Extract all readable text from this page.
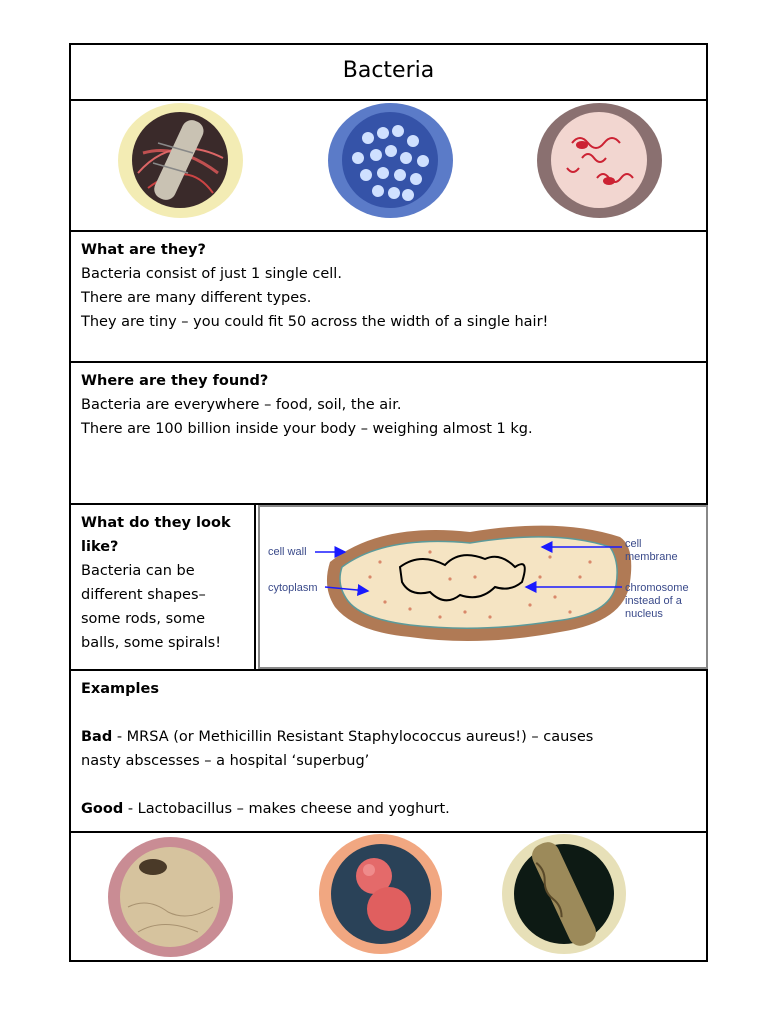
Bacteria

What are they?

Bacteria consist of just 1 single cell.

There are many different types.

They are tiny – you could fit 50 across the width of a single hair!

Where are they found?

Bacteria are everywhere – food, soil, the air.

There are 100 billion inside your body – weighing almost 1 kg.

What do they look

like?

Bacteria can be

different shapes–

some rods, some

balls, some spirals!

cell wall
cytoplasm
cell
membrane
chromosome
instead of a
nucleus

Examples

Bad - MRSA (or Methicillin Resistant Staphylococcus aureus!) – causes

nasty abscesses – a hospital ‘superbug’

Good - Lactobacillus – makes cheese and yoghurt.
